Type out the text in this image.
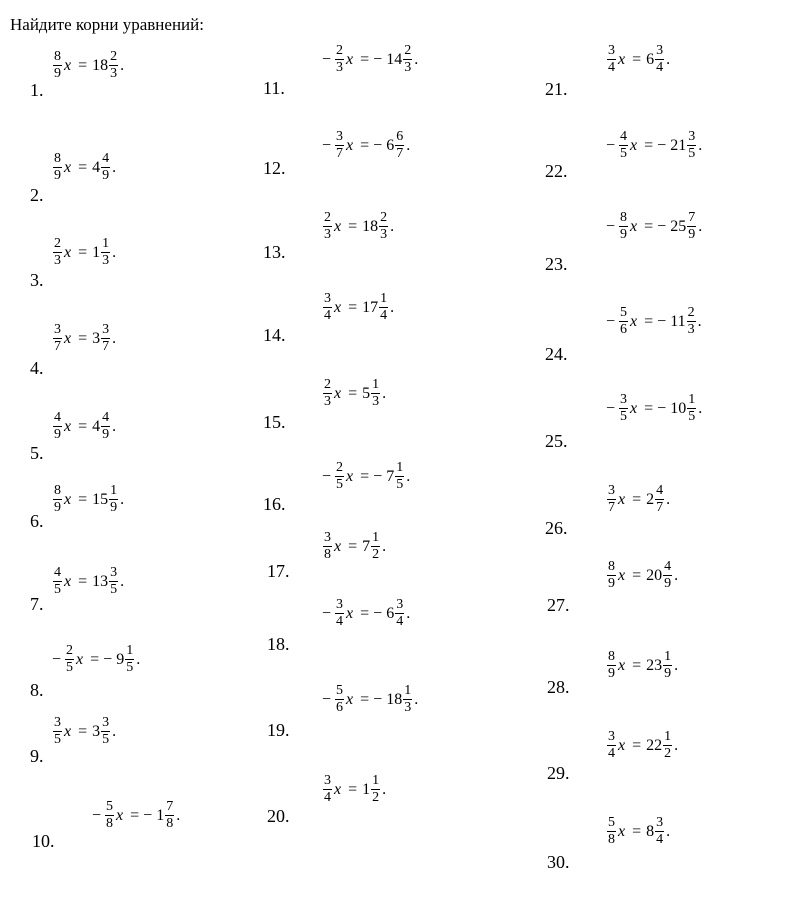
Найдите корни уравнений:
1.
$\frac{8}{9}$ $x = 18 \frac{2}{3}$ .
2.
$\frac{8}{9}$ $x = 4 \frac{4}{9}$ .
3.
$\frac{2}{3}$ $x = 1 \frac{1}{3}$ .
4.
$\frac{3}{7}$ $x = 3 \frac{3}{7}$ .
5.
$\frac{4}{9}$ $x = 4 \frac{4}{9}$ .
6.
$\frac{8}{9}$ $x = 15 \frac{1}{9}$ .
7.
$\frac{4}{5}$ $x = 13 \frac{3}{5}$ .
8.
− $\frac{2}{5}$ x = − $9 \frac{1}{5}$ .
9.
$\frac{3}{5}$ $x = 3 \frac{3}{5}$ .
10.
− $\frac{5}{8}$ x = − $1 \frac{7}{8}$ .
11.
− $\frac{2}{3}$ x = − $14 \frac{2}{3}$ .
12.
− $\frac{3}{7}$ x = − $6 \frac{6}{7}$ .
13.
$\frac{2}{3}$ $x = 18 \frac{2}{3}$ .
14.
$\frac{3}{4}$ $x = 17 \frac{1}{4}$ .
15.
$\frac{2}{3}$ $x = 5 \frac{1}{3}$ .
16.
− $\frac{2}{5}$ x = − $7 \frac{1}{5}$ .
17.
$\frac{3}{8}$ $x = 7 \frac{1}{2}$ .
18.
− $\frac{3}{4}$ x = − $6 \frac{3}{4}$ .
19.
− $\frac{5}{6}$ x = − $18 \frac{1}{3}$ .
20.
$\frac{3}{4}$ $x = 1 \frac{1}{2}$ .
21.
$\frac{3}{4}$ $x = 6 \frac{3}{4}$ .
22.
− $\frac{4}{5}$ x = − $21 \frac{3}{5}$ .
23.
− $\frac{8}{9}$ x = − $25 \frac{7}{9}$ .
24.
− $\frac{5}{6}$ x = − $11 \frac{2}{3}$ .
25.
− $\frac{3}{5}$ x = − $10 \frac{1}{5}$ .
26.
$\frac{3}{7}$ $x = 2 \frac{4}{7}$ .
27.
$\frac{8}{9}$ $x = 20 \frac{4}{9}$ .
28.
$\frac{8}{9}$ $x = 23 \frac{1}{9}$ .
29.
$\frac{3}{4}$ $x = 22 \frac{1}{2}$ .
30.
$\frac{5}{8}$ $x = 8 \frac{3}{4}$ .
